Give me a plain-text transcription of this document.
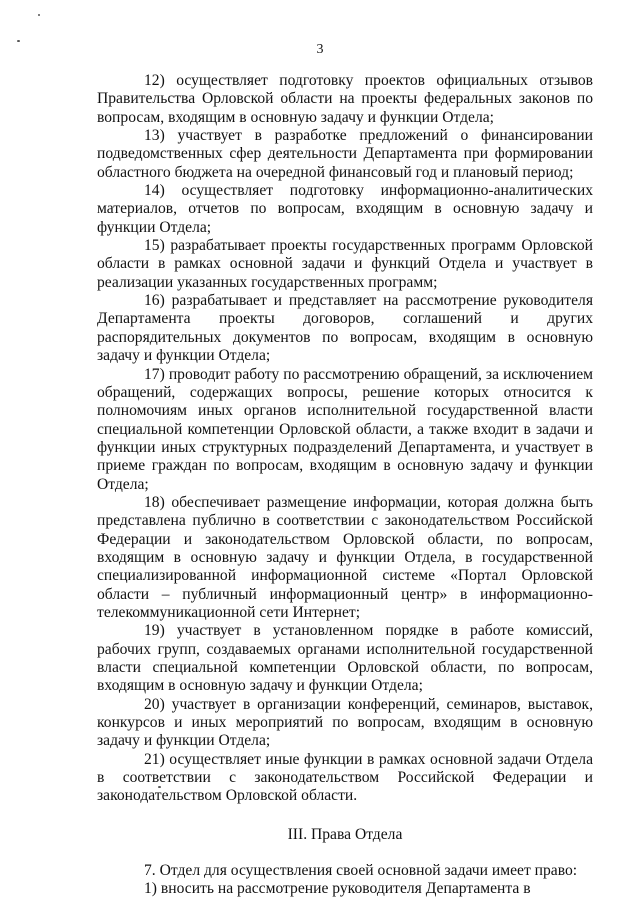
3

12) осуществляет подготовку проектов официальных отзывов Правительства Орловской области на проекты федеральных законов по вопросам, входящим в основную задачу и функции Отдела;

13) участвует в разработке предложений о финансировании подведомственных сфер деятельности Департамента при формировании областного бюджета на очередной финансовый год и плановый период;

14) осуществляет подготовку информационно-аналитических материалов, отчетов по вопросам, входящим в основную задачу и функции Отдела;

15) разрабатывает проекты государственных программ Орловской области в рамках основной задачи и функций Отдела и участвует в реализации указанных государственных программ;

16) разрабатывает и представляет на рассмотрение руководителя Департамента проекты договоров, соглашений и других распорядительных документов по вопросам, входящим в основную задачу и функции Отдела;

17) проводит работу по рассмотрению обращений, за исключением обращений, содержащих вопросы, решение которых относится к полномочиям иных органов исполнительной государственной власти специальной компетенции Орловской области, а также входит в задачи и функции иных структурных подразделений Департамента, и участвует в приеме граждан по вопросам, входящим в основную задачу и функции Отдела;

18) обеспечивает размещение информации, которая должна быть представлена публично в соответствии с законодательством Российской Федерации и законодательством Орловской области, по вопросам, входящим в основную задачу и функции Отдела, в государственной специализированной информационной системе «Портал Орловской области – публичный информационный центр» в информационно-телекоммуникационной сети Интернет;

19) участвует в установленном порядке в работе комиссий, рабочих групп, создаваемых органами исполнительной государственной власти специальной компетенции Орловской области, по вопросам, входящим в основную задачу и функции Отдела;

20) участвует в организации конференций, семинаров, выставок, конкурсов и иных мероприятий по вопросам, входящим в основную задачу и функции Отдела;

21) осуществляет иные функции в рамках основной задачи Отдела в соответствии с законодательством Российской Федерации и законодательством Орловской области.

III. Права Отдела

7. Отдел для осуществления своей основной задачи имеет право:

1) вносить на рассмотрение руководителя Департамента в
